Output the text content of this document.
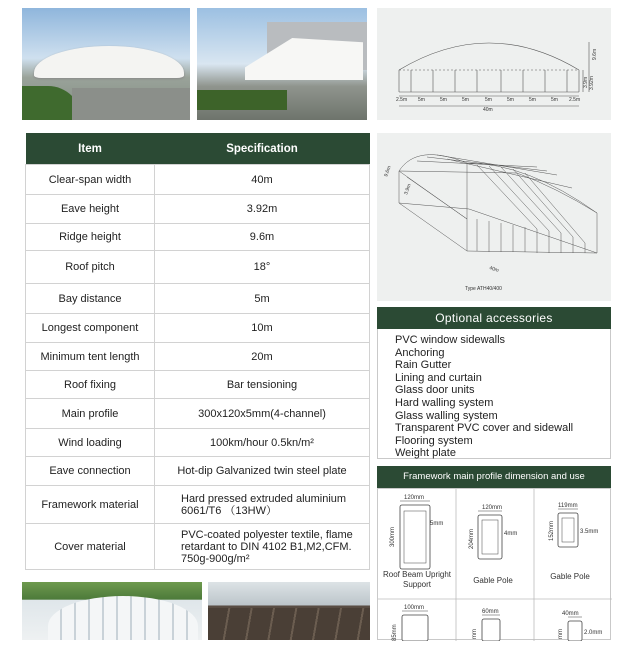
Item	Specification
Clear-span width	40m
Eave height	3.92m
Ridge height	9.6m
Roof pitch	18°
Bay distance	5m
Longest component	10m
Minimum tent length	20m
Roof fixing	Bar tensioning
Main profile	300x120x5mm(4-channel)
Wind loading	100km/hour 0.5kn/m²
Eave connection	Hot-dip Galvanized twin steel plate
Framework material	Hard pressed extruded aluminium 6061/T6 （13HW）
Cover material	PVC-coated polyester textile, flame retardant to DIN 4102 B1,M2,CFM. 750g-900g/m²
2.5m 5m	5m	5m	5m	5m	5m	5m 2.5m
40m
9.6m
3.9m 3.92m
9.6m
3.9m
40m
Type ATH40/400
Optional accessories
PVC window sidewalls
Anchoring
Rain Gutter
Lining and curtain
Glass door units
Hard walling system
Glass walling system
Transparent PVC cover and sidewall
Flooring system
Weight plate
Framework main profile dimension and use
120mm
120mm	119mm
100mm
60mm	40mm
300mm	204mm	152mm
85mm	mm	mm
5mm
4mm	3.5mm
2.0mm
Roof Beam Upright Support	Gable Pole	Gable Pole
